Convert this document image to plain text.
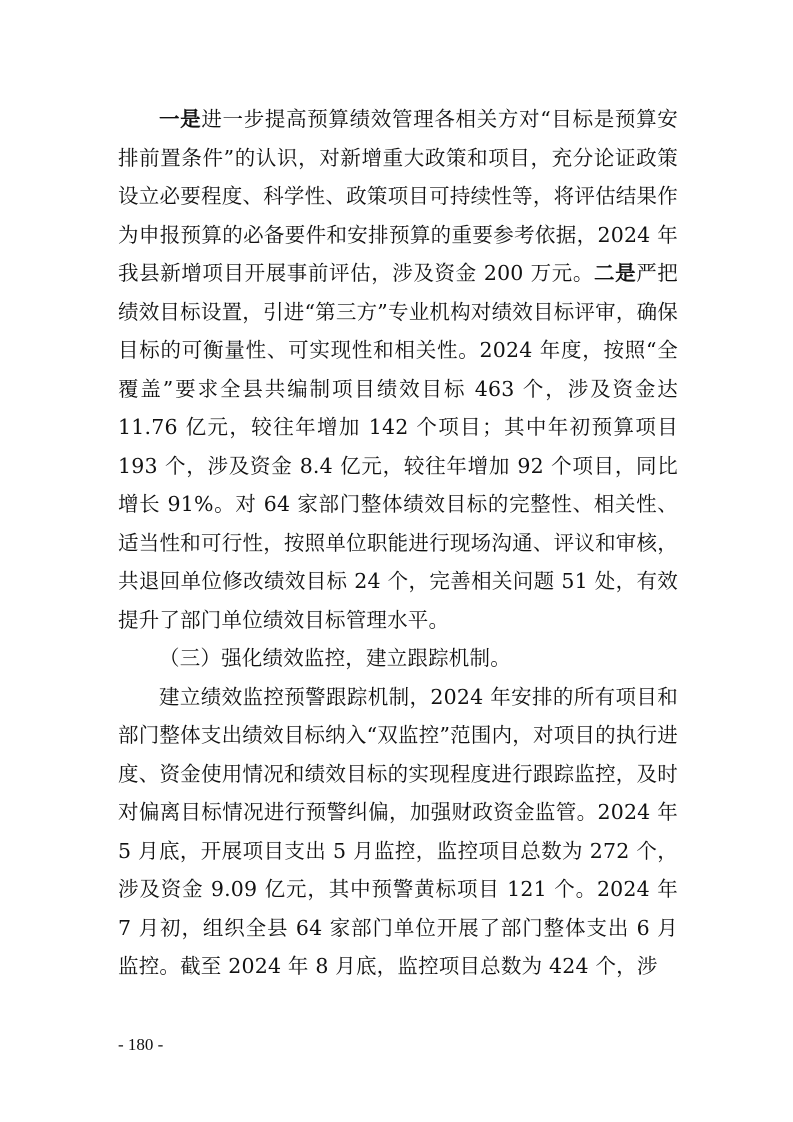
一是进一步提高预算绩效管理各相关方对“目标是预算安排前置条件”的认识，对新增重大政策和项目，充分论证政策设立必要程度、科学性、政策项目可持续性等，将评估结果作为申报预算的必备要件和安排预算的重要参考依据，2024 年我县新增项目开展事前评估，涉及资金 200 万元。二是严把绩效目标设置，引进“第三方”专业机构对绩效目标评审，确保目标的可衡量性、可实现性和相关性。2024 年度，按照“全覆盖”要求全县共编制项目绩效目标 463 个，涉及资金达 11.76 亿元，较往年增加 142 个项目；其中年初预算项目 193 个，涉及资金 8.4 亿元，较往年增加 92 个项目，同比增长 91%。对 64 家部门整体绩效目标的完整性、相关性、适当性和可行性，按照单位职能进行现场沟通、评议和审核，共退回单位修改绩效目标 24 个，完善相关问题 51 处，有效提升了部门单位绩效目标管理水平。

（三）强化绩效监控，建立跟踪机制。

建立绩效监控预警跟踪机制，2024 年安排的所有项目和部门整体支出绩效目标纳入“双监控”范围内，对项目的执行进度、资金使用情况和绩效目标的实现程度进行跟踪监控，及时对偏离目标情况进行预警纠偏，加强财政资金监管。2024 年 5 月底，开展项目支出 5 月监控，监控项目总数为 272 个，涉及资金 9.09 亿元，其中预警黄标项目 121 个。2024 年 7 月初，组织全县 64 家部门单位开展了部门整体支出 6 月监控。截至 2024 年 8 月底，监控项目总数为 424 个，涉

- 180 -
